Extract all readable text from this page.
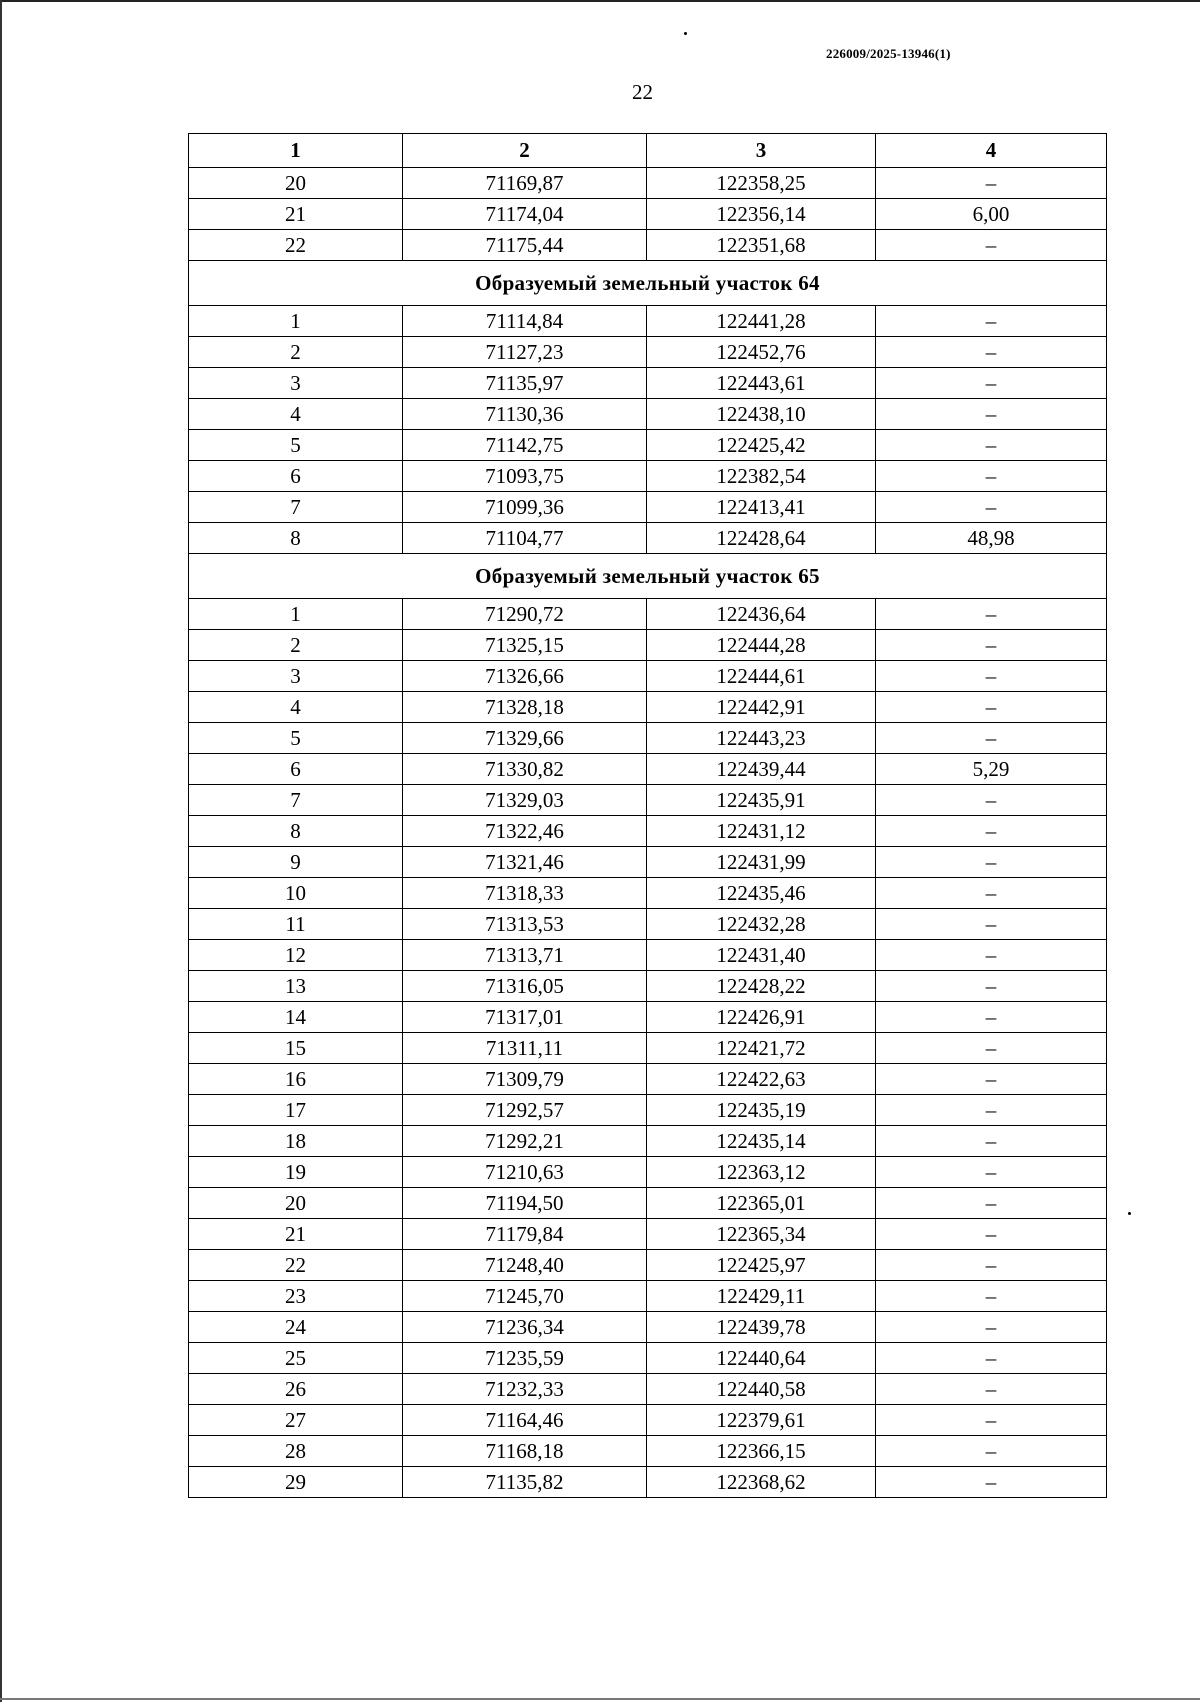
226009/2025-13946(1)
22
1	2	3	4
20	71169,87	122358,25	–
21	71174,04	122356,14	6,00
22	71175,44	122351,68	–
Образуемый земельный участок 64			
1	71114,84	122441,28	–
2	71127,23	122452,76	–
3	71135,97	122443,61	–
4	71130,36	122438,10	–
5	71142,75	122425,42	–
6	71093,75	122382,54	–
7	71099,36	122413,41	–
8	71104,77	122428,64	48,98
Образуемый земельный участок 65			
1	71290,72	122436,64	–
2	71325,15	122444,28	–
3	71326,66	122444,61	–
4	71328,18	122442,91	–
5	71329,66	122443,23	–
6	71330,82	122439,44	5,29
7	71329,03	122435,91	–
8	71322,46	122431,12	–
9	71321,46	122431,99	–
10	71318,33	122435,46	–
11	71313,53	122432,28	–
12	71313,71	122431,40	–
13	71316,05	122428,22	–
14	71317,01	122426,91	–
15	71311,11	122421,72	–
16	71309,79	122422,63	–
17	71292,57	122435,19	–
18	71292,21	122435,14	–
19	71210,63	122363,12	–
20	71194,50	122365,01	–
21	71179,84	122365,34	–
22	71248,40	122425,97	–
23	71245,70	122429,11	–
24	71236,34	122439,78	–
25	71235,59	122440,64	–
26	71232,33	122440,58	–
27	71164,46	122379,61	–
28	71168,18	122366,15	–
29	71135,82	122368,62	–
